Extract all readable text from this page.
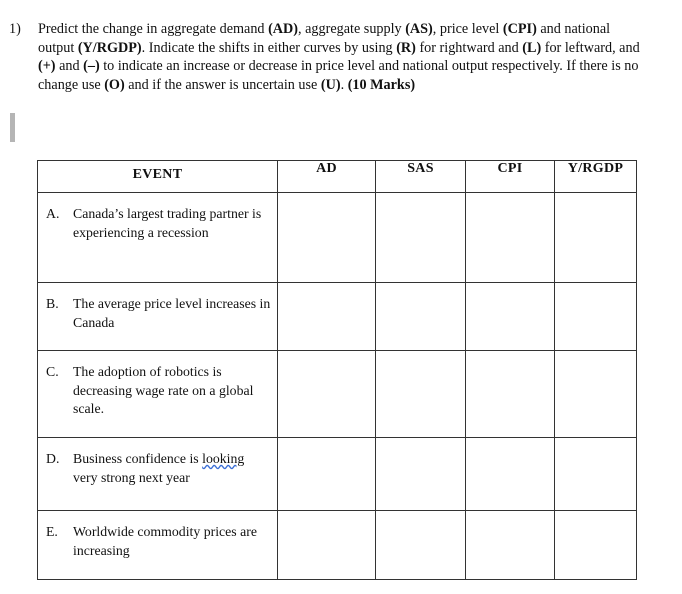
1) Predict the change in aggregate demand (AD), aggregate supply (AS), price level (CPI) and national output (Y/RGDP). Indicate the shifts in either curves by using (R) for rightward and (L) for leftward, and (+) and (–) to indicate an increase or decrease in price level and national output respectively. If there is no change use (O) and if the answer is uncertain use (U). (10 Marks)
EVENT	AD	SAS	CPI	Y/RGDP

A. Canada’s largest trading partner is experiencing a recession				

B. The average price level increases in Canada				

C. The adoption of robotics is decreasing wage rate on a global scale.				

D. Business confidence is looking very strong next year				

E. Worldwide commodity prices are increasing				
